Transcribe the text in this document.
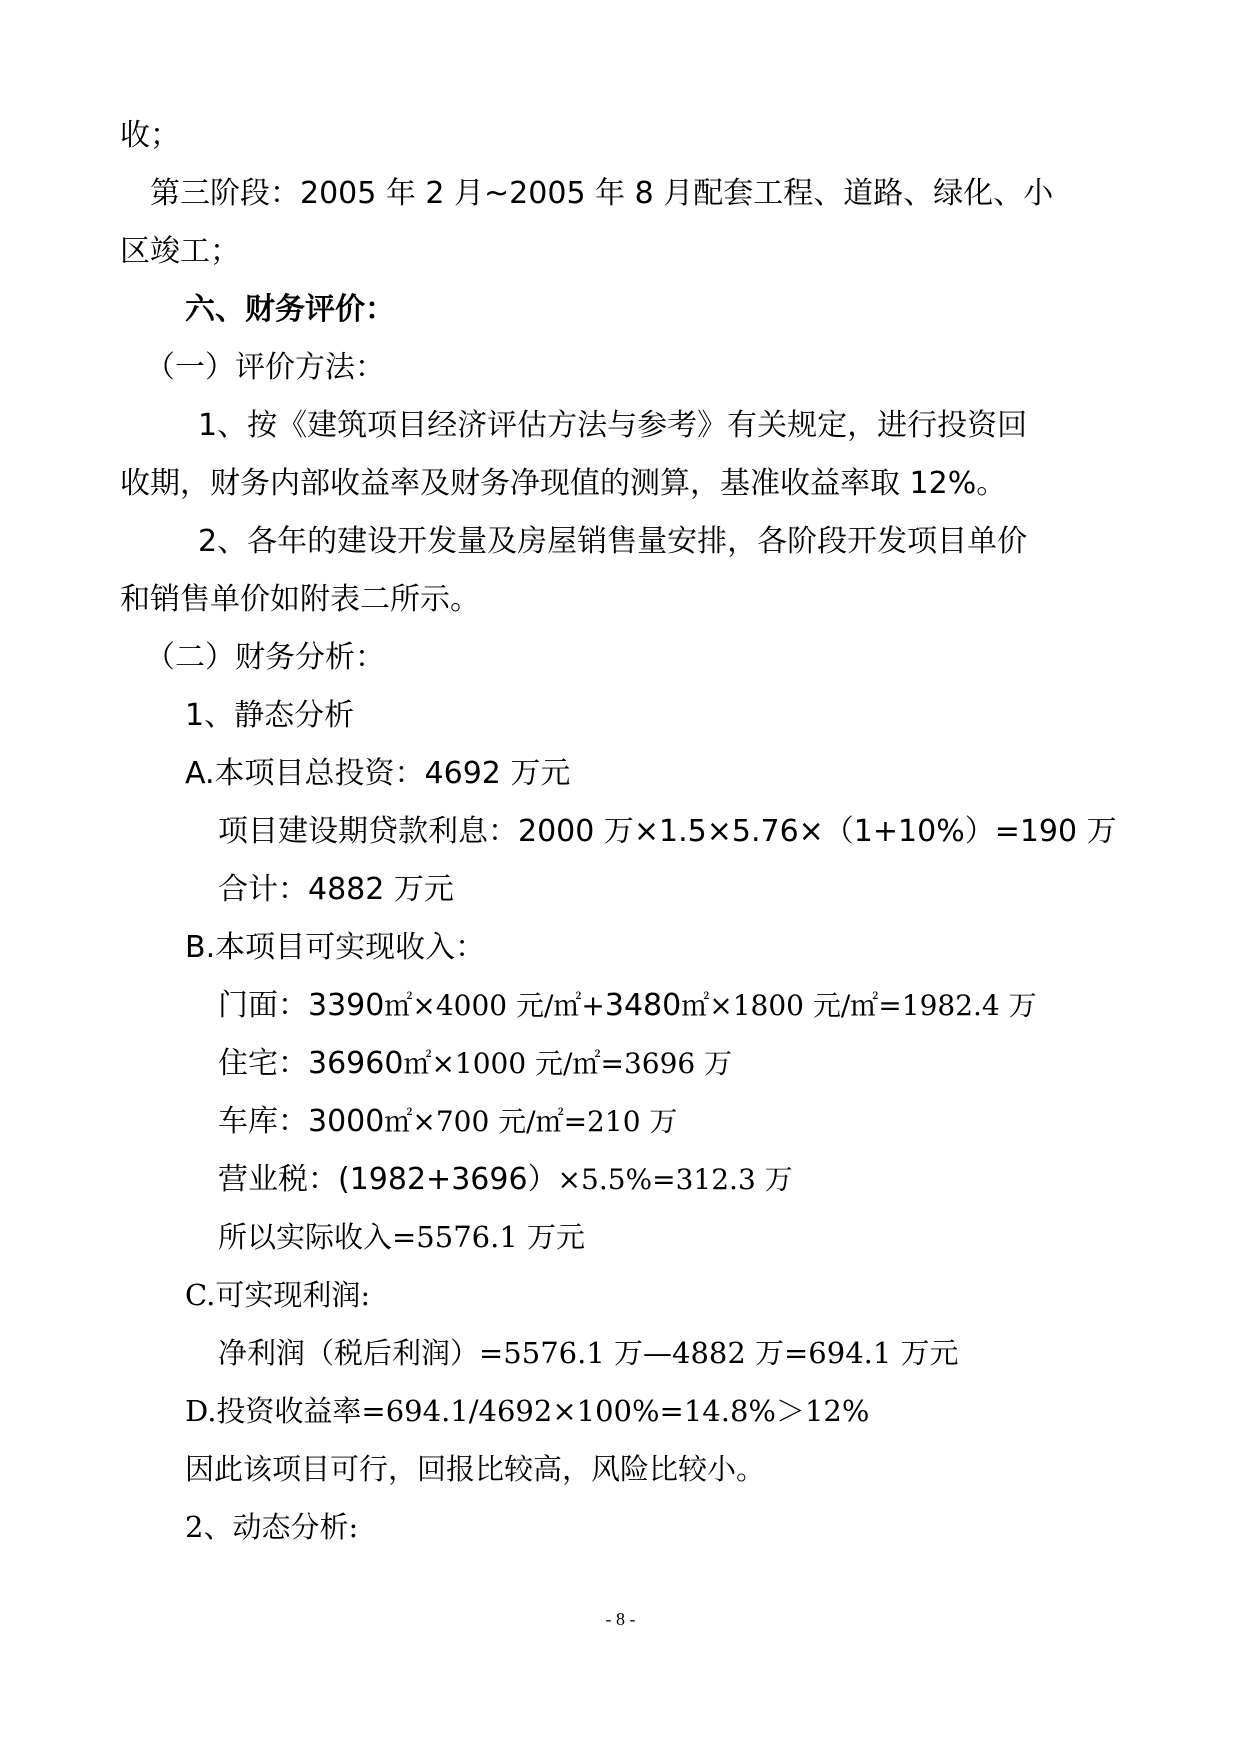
收；
第三阶段：2005 年 2 月~2005 年 8 月配套工程、道路、绿化、小
区竣工；
六、财务评价：
（一）评价方法：
1、按《建筑项目经济评估方法与参考》有关规定，进行投资回
收期，财务内部收益率及财务净现值的测算，基准收益率取 12%。
2、各年的建设开发量及房屋销售量安排，各阶段开发项目单价
和销售单价如附表二所示。
（二）财务分析：
1、静态分析
A.本项目总投资：4692 万元
项目建设期贷款利息：2000 万×1.5×5.76×（1+10%）=190 万
合计：4882 万元
B.本项目可实现收入：
门面：3390㎡×4000 元/㎡+3480㎡×1800 元/㎡=1982.4 万
住宅：36960㎡×1000 元/㎡=3696 万
车库：3000㎡×700 元/㎡=210 万
营业税：(1982+3696）×5.5%=312.3 万
所以实际收入=5576.1 万元
C.可实现利润:
净利润（税后利润）=5576.1 万—4882 万=694.1 万元
D.投资收益率=694.1/4692×100%=14.8%＞12%
因此该项目可行，回报比较高，风险比较小。
2、动态分析:
- 8 -
